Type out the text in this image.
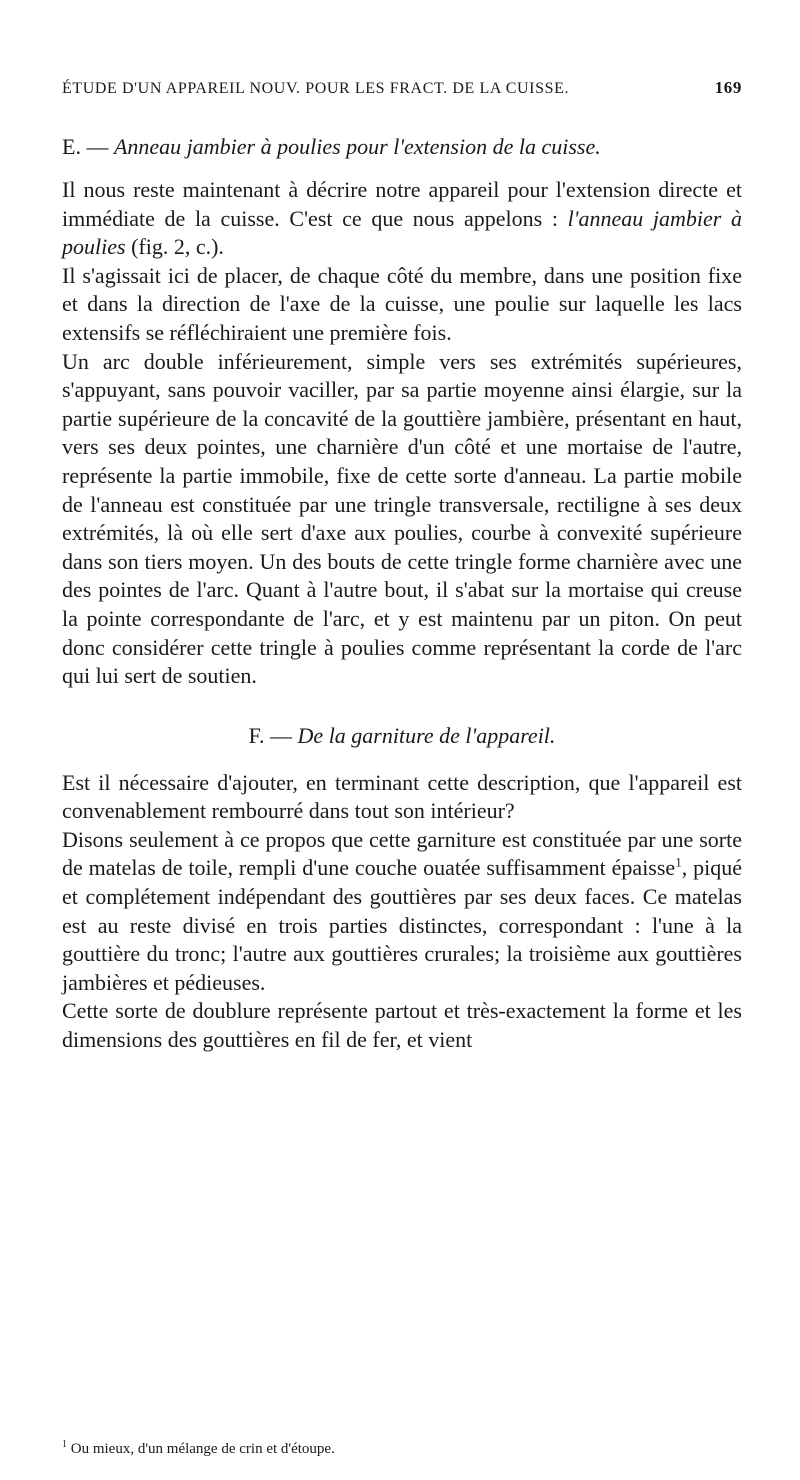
ÉTUDE D'UN APPAREIL NOUV. POUR LES FRACT. DE LA CUISSE.	169
E. — Anneau jambier à poulies pour l'extension de la cuisse.

Il nous reste maintenant à décrire notre appareil pour l'extension directe et immédiate de la cuisse. C'est ce que nous appelons : l'anneau jambier à poulies (fig. 2, c.).

Il s'agissait ici de placer, de chaque côté du membre, dans une position fixe et dans la direction de l'axe de la cuisse, une poulie sur laquelle les lacs extensifs se réfléchiraient une première fois.

Un arc double inférieurement, simple vers ses extrémités supérieures, s'appuyant, sans pouvoir vaciller, par sa partie moyenne ainsi élargie, sur la partie supérieure de la concavité de la gouttière jambière, présentant en haut, vers ses deux pointes, une charnière d'un côté et une mortaise de l'autre, représente la partie immobile, fixe de cette sorte d'anneau. La partie mobile de l'anneau est constituée par une tringle transversale, rectiligne à ses deux extrémités, là où elle sert d'axe aux poulies, courbe à convexité supérieure dans son tiers moyen. Un des bouts de cette tringle forme charnière avec une des pointes de l'arc. Quant à l'autre bout, il s'abat sur la mortaise qui creuse la pointe correspondante de l'arc, et y est maintenu par un piton. On peut donc considérer cette tringle à poulies comme représentant la corde de l'arc qui lui sert de soutien.

F. — De la garniture de l'appareil.

Est il nécessaire d'ajouter, en terminant cette description, que l'appareil est convenablement rembourré dans tout son intérieur?

Disons seulement à ce propos que cette garniture est constituée par une sorte de matelas de toile, rempli d'une couche ouatée suffisamment épaisse$^1$, piqué et complétement indépendant des gouttières par ses deux faces. Ce matelas est au reste divisé en trois parties distinctes, correspondant : l'une à la gouttière du tronc; l'autre aux gouttières crurales; la troisième aux gouttières jambières et pédieuses.

Cette sorte de doublure représente partout et très-exactement la forme et les dimensions des gouttières en fil de fer, et vient

$^1$ Ou mieux, d'un mélange de crin et d'étoupe.
